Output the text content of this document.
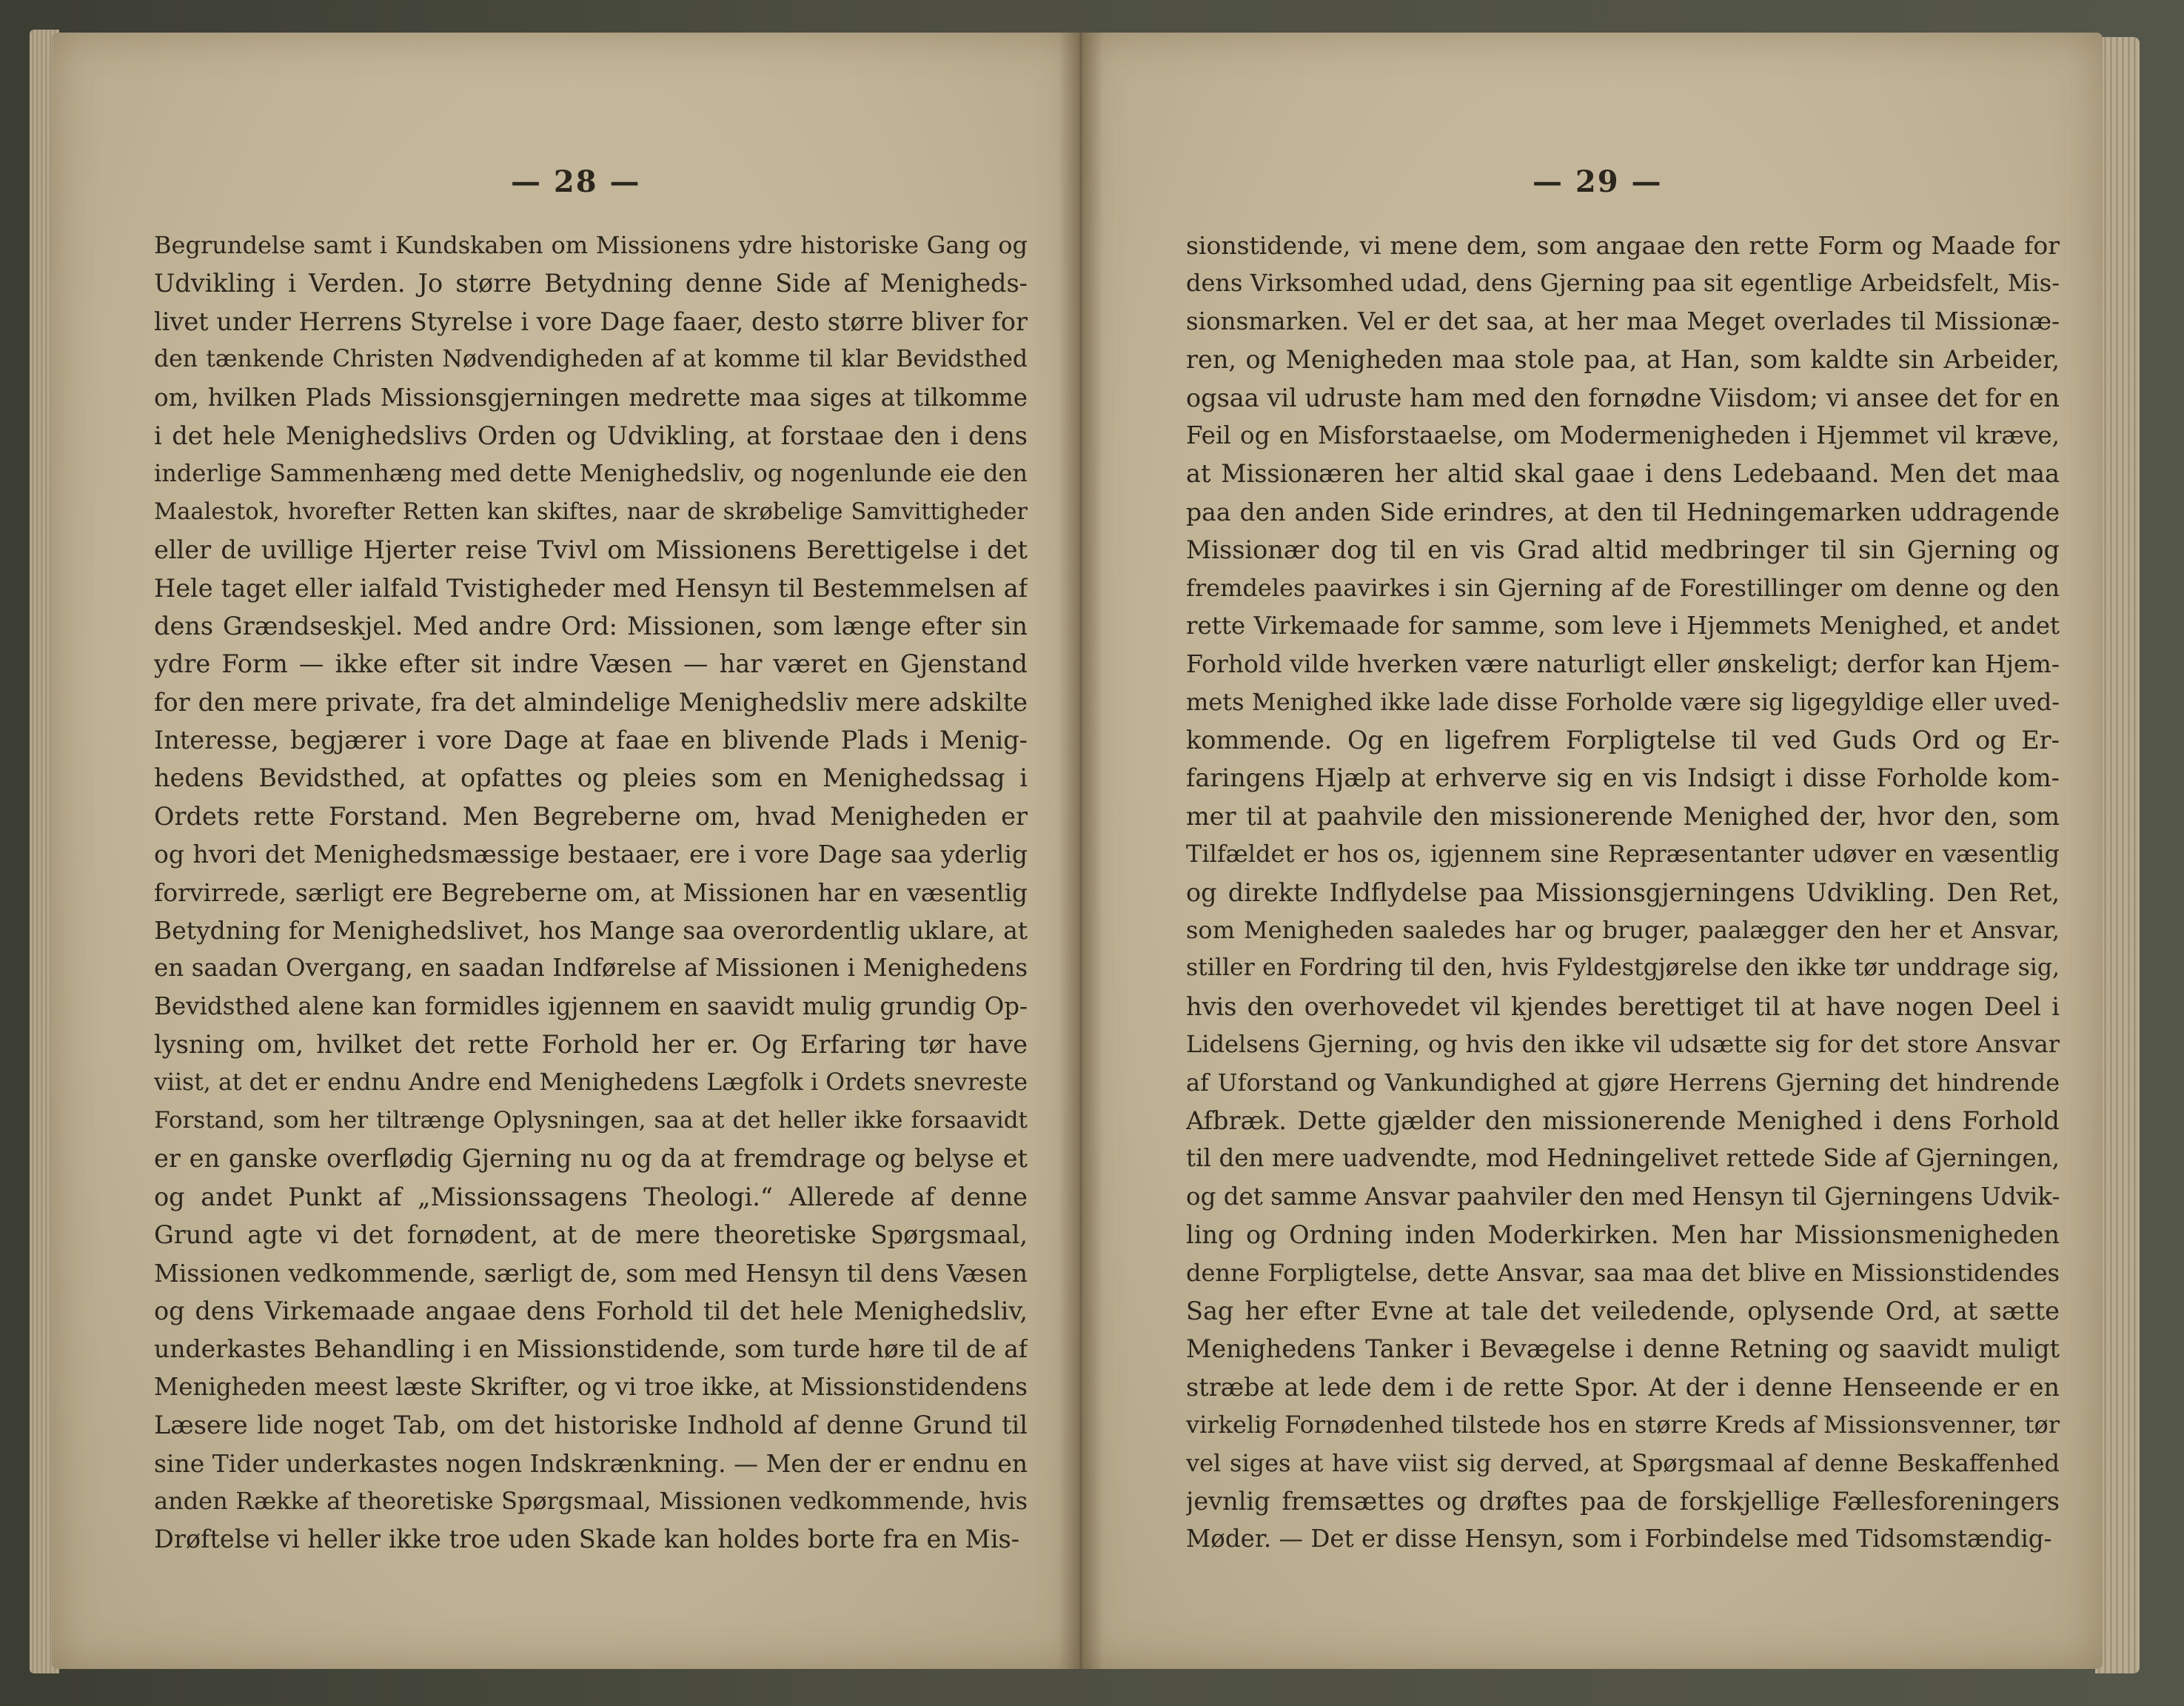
— 28 —
Begrundelse samt i Kundskaben om Missionens ydre historiske Gang og
Udvikling i Verden. Jo større Betydning denne Side af Menigheds-
livet under Herrens Styrelse i vore Dage faaer, desto større bliver for
den tænkende Christen Nødvendigheden af at komme til klar Bevidsthed
om, hvilken Plads Missionsgjerningen medrette maa siges at tilkomme
i det hele Menighedslivs Orden og Udvikling, at forstaae den i dens
inderlige Sammenhæng med dette Menighedsliv, og nogenlunde eie den
Maalestok, hvorefter Retten kan skiftes, naar de skrøbelige Samvittigheder
eller de uvillige Hjerter reise Tvivl om Missionens Berettigelse i det
Hele taget eller ialfald Tvistigheder med Hensyn til Bestemmelsen af
dens Grændseskjel. Med andre Ord: Missionen, som længe efter sin
ydre Form — ikke efter sit indre Væsen — har været en Gjenstand
for den mere private, fra det almindelige Menighedsliv mere adskilte
Interesse, begjærer i vore Dage at faae en blivende Plads i Menig-
hedens Bevidsthed, at opfattes og pleies som en Menighedssag i
Ordets rette Forstand. Men Begreberne om, hvad Menigheden er
og hvori det Menighedsmæssige bestaaer, ere i vore Dage saa yderlig
forvirrede, særligt ere Begreberne om, at Missionen har en væsentlig
Betydning for Menighedslivet, hos Mange saa overordentlig uklare, at
en saadan Overgang, en saadan Indførelse af Missionen i Menighedens
Bevidsthed alene kan formidles igjennem en saavidt mulig grundig Op-
lysning om, hvilket det rette Forhold her er. Og Erfaring tør have
viist, at det er endnu Andre end Menighedens Lægfolk i Ordets snevreste
Forstand, som her tiltrænge Oplysningen, saa at det heller ikke forsaavidt
er en ganske overflødig Gjerning nu og da at fremdrage og belyse et
og andet Punkt af „Missionssagens Theologi.“ Allerede af denne
Grund agte vi det fornødent, at de mere theoretiske Spørgsmaal,
Missionen vedkommende, særligt de, som med Hensyn til dens Væsen
og dens Virkemaade angaae dens Forhold til det hele Menighedsliv,
underkastes Behandling i en Missionstidende, som turde høre til de af
Menigheden meest læste Skrifter, og vi troe ikke, at Missionstidendens
Læsere lide noget Tab, om det historiske Indhold af denne Grund til
sine Tider underkastes nogen Indskrænkning. — Men der er endnu en
anden Række af theoretiske Spørgsmaal, Missionen vedkommende, hvis
Drøftelse vi heller ikke troe uden Skade kan holdes borte fra en Mis-
— 29 —
sionstidende, vi mene dem, som angaae den rette Form og Maade for
dens Virksomhed udad, dens Gjerning paa sit egentlige Arbeidsfelt, Mis-
sionsmarken. Vel er det saa, at her maa Meget overlades til Missionæ-
ren, og Menigheden maa stole paa, at Han, som kaldte sin Arbeider,
ogsaa vil udruste ham med den fornødne Viisdom; vi ansee det for en
Feil og en Misforstaaelse, om Modermenigheden i Hjemmet vil kræve,
at Missionæren her altid skal gaae i dens Ledebaand. Men det maa
paa den anden Side erindres, at den til Hedningemarken uddragende
Missionær dog til en vis Grad altid medbringer til sin Gjerning og
fremdeles paavirkes i sin Gjerning af de Forestillinger om denne og den
rette Virkemaade for samme, som leve i Hjemmets Menighed, et andet
Forhold vilde hverken være naturligt eller ønskeligt; derfor kan Hjem-
mets Menighed ikke lade disse Forholde være sig ligegyldige eller uved-
kommende. Og en ligefrem Forpligtelse til ved Guds Ord og Er-
faringens Hjælp at erhverve sig en vis Indsigt i disse Forholde kom-
mer til at paahvile den missionerende Menighed der, hvor den, som
Tilfældet er hos os, igjennem sine Repræsentanter udøver en væsentlig
og direkte Indflydelse paa Missionsgjerningens Udvikling. Den Ret,
som Menigheden saaledes har og bruger, paalægger den her et Ansvar,
stiller en Fordring til den, hvis Fyldestgjørelse den ikke tør unddrage sig,
hvis den overhovedet vil kjendes berettiget til at have nogen Deel i
Lidelsens Gjerning, og hvis den ikke vil udsætte sig for det store Ansvar
af Uforstand og Vankundighed at gjøre Herrens Gjerning det hindrende
Afbræk. Dette gjælder den missionerende Menighed i dens Forhold
til den mere uadvendte, mod Hedningelivet rettede Side af Gjerningen,
og det samme Ansvar paahviler den med Hensyn til Gjerningens Udvik-
ling og Ordning inden Moderkirken. Men har Missionsmenigheden
denne Forpligtelse, dette Ansvar, saa maa det blive en Missionstidendes
Sag her efter Evne at tale det veiledende, oplysende Ord, at sætte
Menighedens Tanker i Bevægelse i denne Retning og saavidt muligt
stræbe at lede dem i de rette Spor. At der i denne Henseende er en
virkelig Fornødenhed tilstede hos en større Kreds af Missionsvenner, tør
vel siges at have viist sig derved, at Spørgsmaal af denne Beskaffenhed
jevnlig fremsættes og drøftes paa de forskjellige Fællesforeningers
Møder. — Det er disse Hensyn, som i Forbindelse med Tidsomstændig-
